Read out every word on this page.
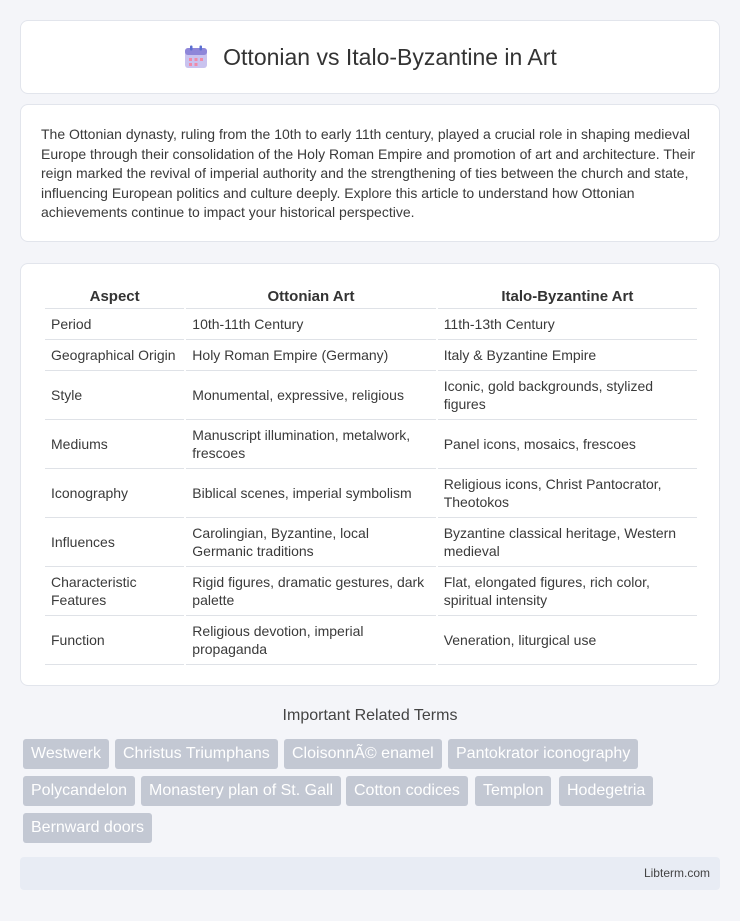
Ottonian vs Italo-Byzantine in Art

The Ottonian dynasty, ruling from the 10th to early 11th century, played a crucial role in shaping medieval Europe through their consolidation of the Holy Roman Empire and promotion of art and architecture. Their reign marked the revival of imperial authority and the strengthening of ties between the church and state, influencing European politics and culture deeply. Explore this article to understand how Ottonian achievements continue to impact your historical perspective.

Aspect	Ottonian Art	Italo-Byzantine Art
Period	10th-11th Century	11th-13th Century
Geographical Origin	Holy Roman Empire (Germany)	Italy & Byzantine Empire
Style	Monumental, expressive, religious	Iconic, gold backgrounds, stylized figures
Mediums	Manuscript illumination, metalwork, frescoes	Panel icons, mosaics, frescoes
Iconography	Biblical scenes, imperial symbolism	Religious icons, Christ Pantocrator, Theotokos
Influences	Carolingian, Byzantine, local Germanic traditions	Byzantine classical heritage, Western medieval
Characteristic Features	Rigid figures, dramatic gestures, dark palette	Flat, elongated figures, rich color, spiritual intensity
Function	Religious devotion, imperial propaganda	Veneration, liturgical use
Important Related Terms
Westwerk	Christus Triumphans	CloisonnÃ© enamel	Pantokrator iconography
Polycandelon	Monastery plan of St. Gall	Cotton codices	Templon	Hodegetria
Bernward doors
Libterm.com
